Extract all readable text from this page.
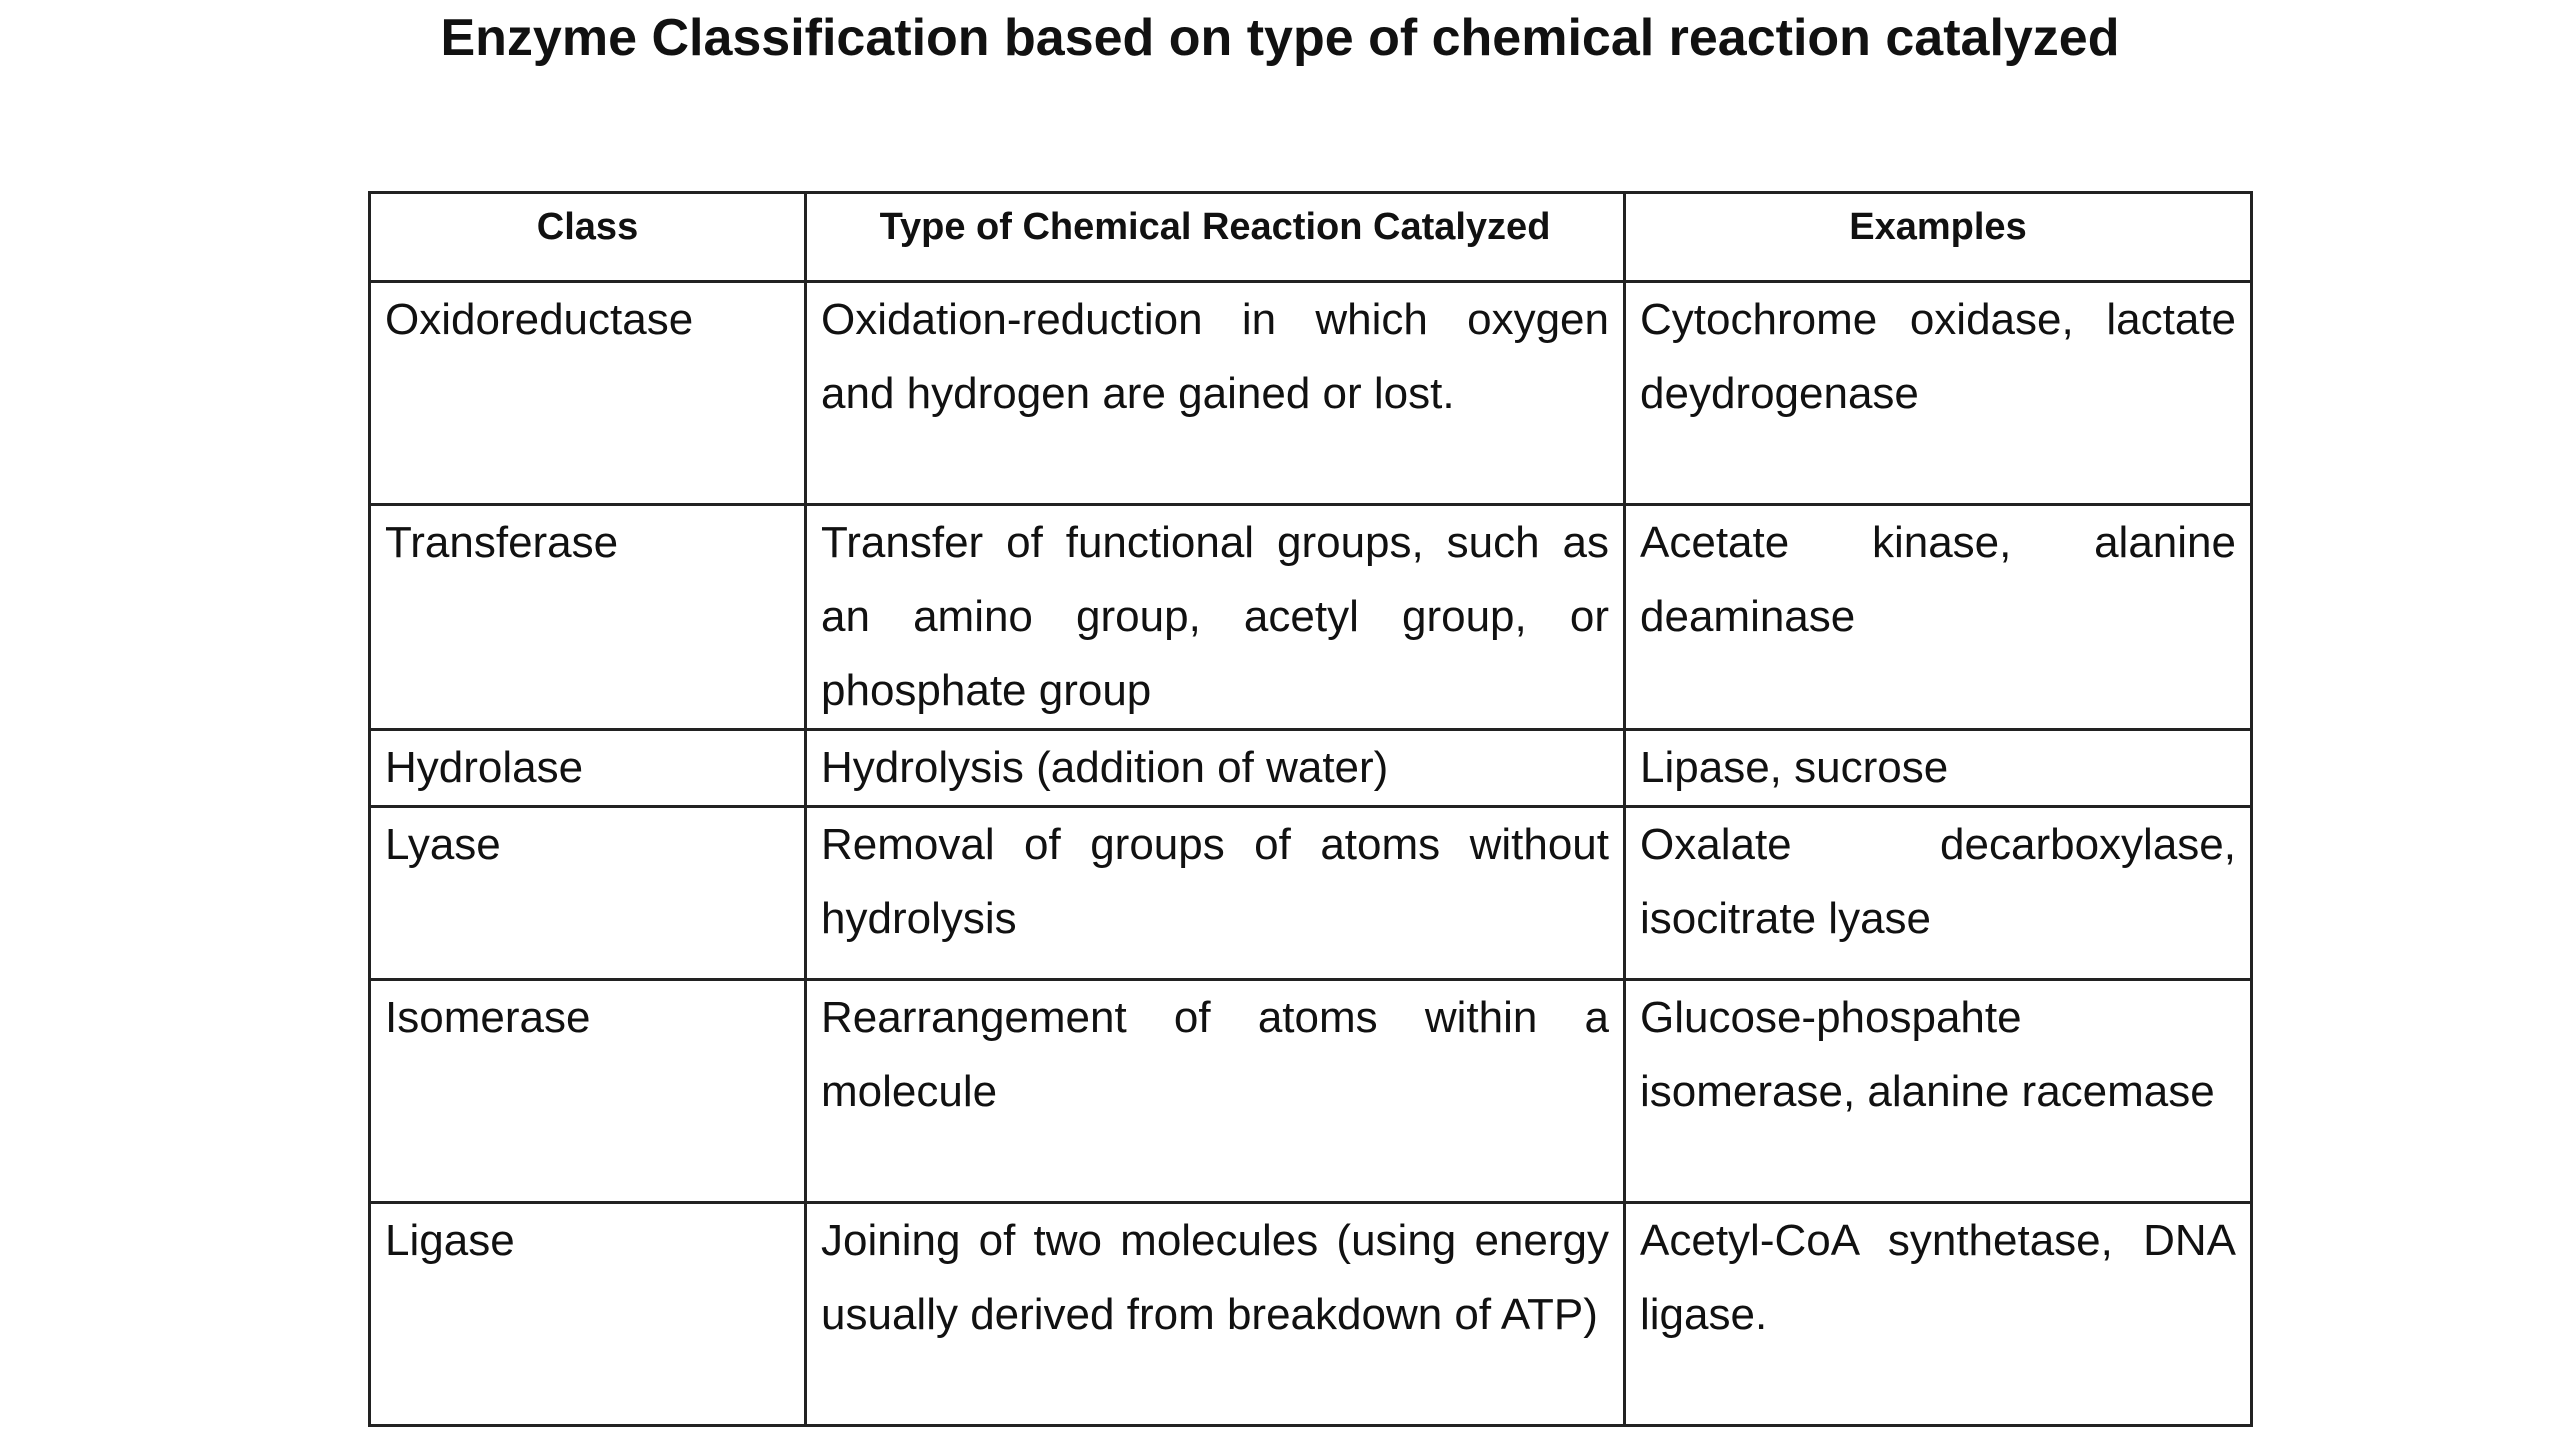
Enzyme Classification based on type of chemical reaction catalyzed
Class	Type of Chemical Reaction Catalyzed	Examples
Oxidoreductase	Oxidation-reduction in which oxygen and hydrogen are gained or lost.	Cytochrome oxidase, lactate deydrogenase
Transferase	Transfer of functional groups, such as an amino group, acetyl group, or phosphate group	Acetate kinase, alanine deaminase
Hydrolase	Hydrolysis (addition of water)	Lipase, sucrose
Lyase	Removal of groups of atoms without hydrolysis	Oxalate decarboxylase, isocitrate lyase
Isomerase	Rearrangement of atoms within a molecule	Glucose-phospahte isomerase, alanine racemase
Ligase	Joining of two molecules (using energy usually derived from breakdown of ATP)	Acetyl-CoA synthetase, DNA ligase.
